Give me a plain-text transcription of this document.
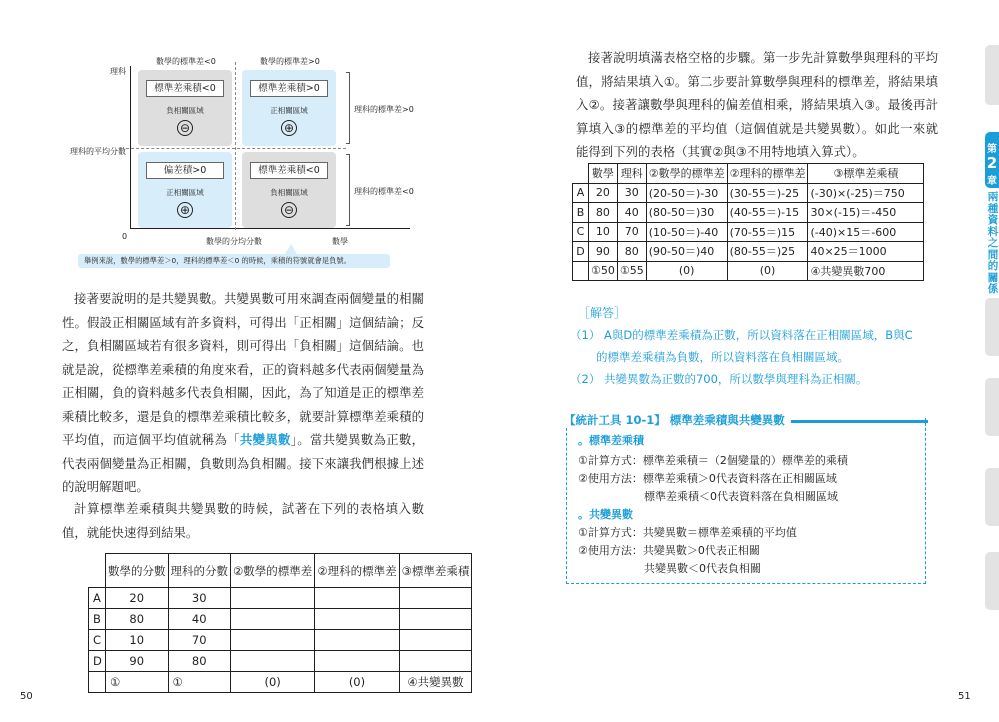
數學的標準差<0	數學的標準差>0
理科
理科的平均分數
0
數學的分均分數	數學
標準差乘積<0
負相關區域
⊖
標準差乘積>0
正相關區域
⊕
偏差積>0
正相關區域
⊕
標準差乘積<0
負相關區域
⊖
理科的標準差>0
理科的標準差<0
舉例來說，數學的標準差＞0，理科的標準差＜0 的時候，乘積的符號就會是負號。

接著要說明的是共變異數。共變異數可用來調查兩個變量的相關性。假設正相關區域有許多資料，可得出「正相關」這個結論；反之，負相關區域若有很多資料，則可得出「負相關」這個結論。也就是說，從標準差乘積的角度來看，正的資料越多代表兩個變量為正相關，負的資料越多代表負相關，因此，為了知道是正的標準差乘積比較多，還是負的標準差乘積比較多，就要計算標準差乘積的平均值，而這個平均值就稱為「共變異數」。當共變異數為正數，代表兩個變量為正相關，負數則為負相關。接下來讓我們根據上述的說明解題吧。

計算標準差乘積與共變異數的時候，試著在下列的表格填入數值，就能快速得到結果。

	數學的分數	理科的分數	②數學的標準差	②理科的標準差	③標準差乘積
A	20	30			
B	80	40			
C	10	70			
D	90	80			
	①	①	(0)	(0)	④共變異數
50

接著說明填滿表格空格的步驟。第一步先計算數學與理科的平均值，將結果填入①。第二步要計算數學與理科的標準差，將結果填入②。接著讓數學與理科的偏差值相乘，將結果填入③。最後再計算填入③的標準差的平均值（這個值就是共變異數）。如此一來就能得到下列的表格（其實②與③不用特地填入算式）。

	數學	理科	②數學的標準差	②理科的標準差	③標準差乘積
A	20	30	(20-50＝)-30	(30-55＝)-25	(-30)×(-25)＝750
B	80	40	(80-50＝)30	(40-55＝)-15	30×(-15)＝-450
C	10	70	(10-50＝)-40	(70-55＝)15	(-40)×15＝-600
D	90	80	(90-50＝)40	(80-55＝)25	40×25＝1000
	①50	①55	(0)	(0)	④共變異數700
［解答］
（1） A與D的標準差乘積為正數，所以資料落在正相關區域，B與C
的標準差乘積為負數，所以資料落在負相關區域。
（2） 共變異數為正數的700，所以數學與理科為正相關。
【統計工具 10-1】 標準差乘積與共變異數
。標準差乘積
①計算方式：標準差乘積＝（2個變量的）標準差的乘積
②使用方法：標準差乘積＞0代表資料落在正相關區域
標準差乘積＜0代表資料落在負相關區域
。共變異數
①計算方式：共變異數＝標準差乘積的平均值
②使用方法：共變異數＞0代表正相關
共變異數＜0代表負相關
第
2
章
兩種資料之間的關係
51
